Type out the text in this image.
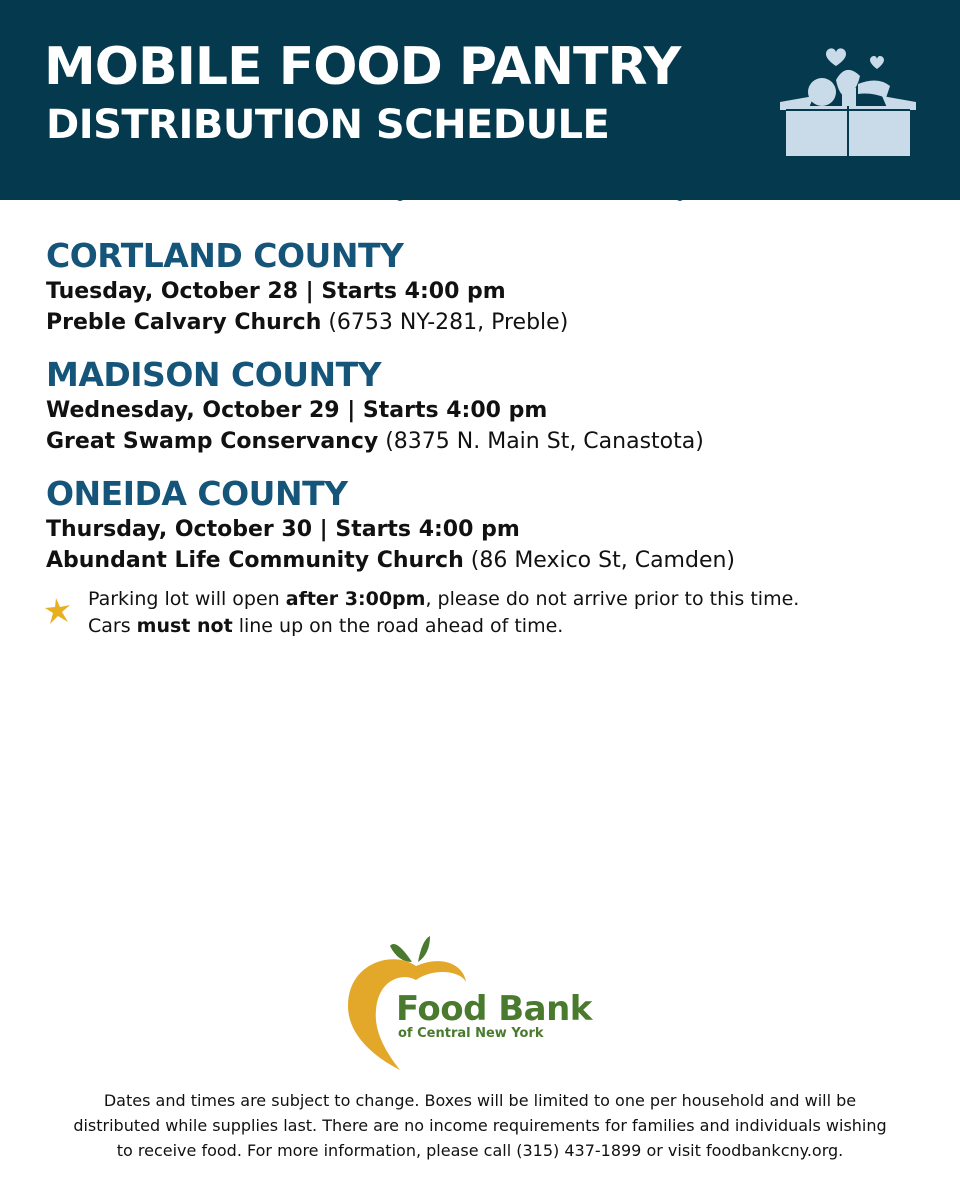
MOBILE FOOD PANTRY
DISTRIBUTION SCHEDULE
CORTLAND COUNTY
Tuesday, October 28 | Starts 4:00 pm
Preble Calvary Church (6753 NY-281, Preble)
MADISON COUNTY
Wednesday, October 29 | Starts 4:00 pm
Great Swamp Conservancy (8375 N. Main St, Canastota)
ONEIDA COUNTY
Thursday, October 30 | Starts 4:00 pm
Abundant Life Community Church (86 Mexico St, Camden)

Parking lot will open after 3:00pm, please do not arrive prior to this time.

Cars must not line up on the road ahead of time.

Food Bank
of Central New York

Dates and times are subject to change. Boxes will be limited to one per household and will be

distributed while supplies last. There are no income requirements for families and individuals wishing

to receive food. For more information, please call (315) 437-1899 or visit foodbankcny.org.
